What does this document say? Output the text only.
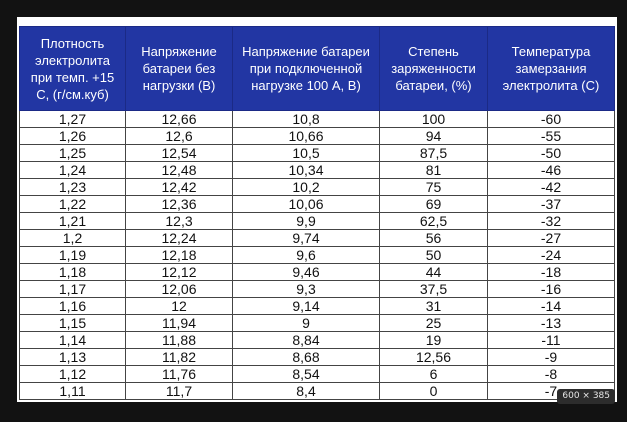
Плотность электролита при темп. +15 С, (г/см.куб)	Напряжение батареи без нагрузки (В)	Напряжение батареи при подключенной нагрузке 100 А, В)	Степень заряженности батареи, (%)	Температура замерзания электролита (С)
1,27	12,66	10,8	100	-60
1,26	12,6	10,66	94	-55
1,25	12,54	10,5	87,5	-50
1,24	12,48	10,34	81	-46
1,23	12,42	10,2	75	-42
1,22	12,36	10,06	69	-37
1,21	12,3	9,9	62,5	-32
1,2	12,24	9,74	56	-27
1,19	12,18	9,6	50	-24
1,18	12,12	9,46	44	-18
1,17	12,06	9,3	37,5	-16
1,16	12	9,14	31	-14
1,15	11,94	9	25	-13
1,14	11,88	8,84	19	-11
1,13	11,82	8,68	12,56	-9
1,12	11,76	8,54	6	-8
1,11	11,7	8,4	0	-7 600 × 385
